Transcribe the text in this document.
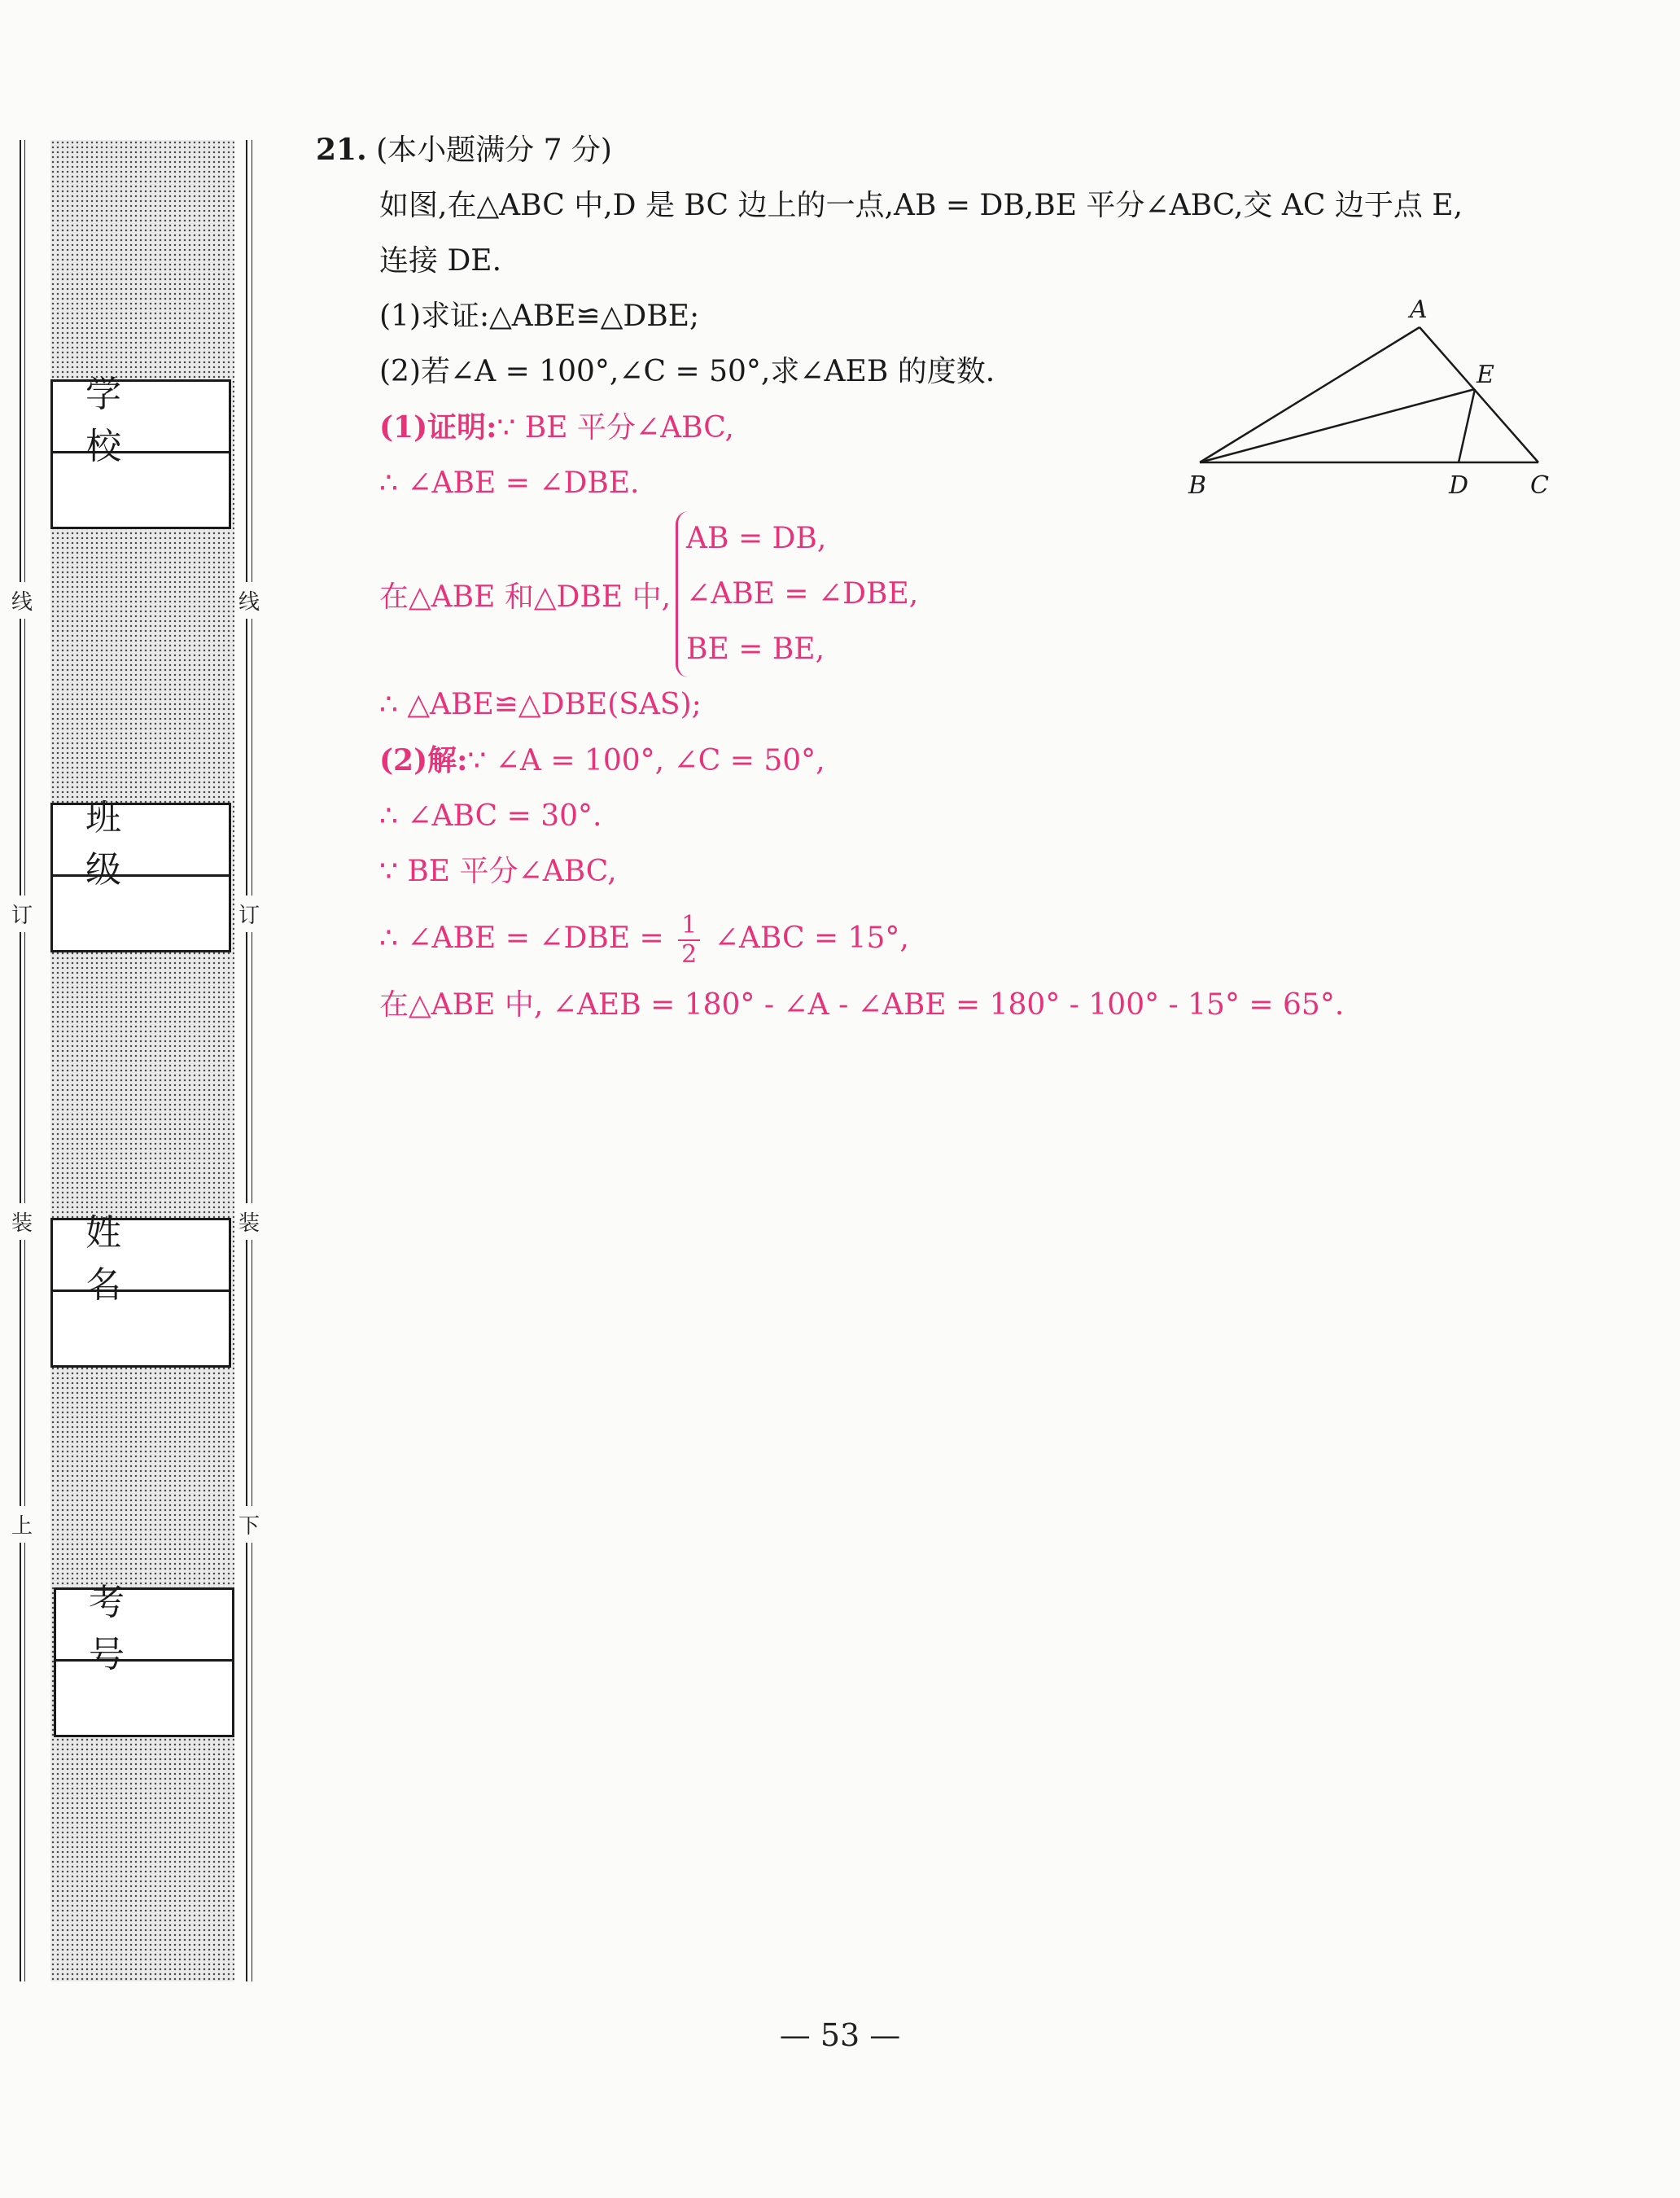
线
订
装
上
线
订
装
下
学 校
班 级
姓 名
考 号
21. (本小题满分 7 分)
如图,在△ABC 中,D 是 BC 边上的一点,AB = DB,BE 平分∠ABC,交 AC 边于点 E,
连接 DE.
(1)求证:△ABE≌△DBE;
(2)若∠A = 100°,∠C = 50°,求∠AEB 的度数.
(1)证明:∵ BE 平分∠ABC,
∴ ∠ABE = ∠DBE.
在△ABE 和△DBE 中,
AB = DB,
∠ABE = ∠DBE,
BE = BE,
∴ △ABE≌△DBE(SAS);
(2)解:∵ ∠A = 100°, ∠C = 50°,
∴ ∠ABC = 30°.
∵ BE 平分∠ABC,
∴ ∠ABE = ∠DBE = $\frac{1}{2}$ ∠ABC = 15°,
在△ABE 中, ∠AEB = 180° - ∠A - ∠ABE = 180° - 100° - 15° = 65°.
A
B	C
D
E
— 53 —
